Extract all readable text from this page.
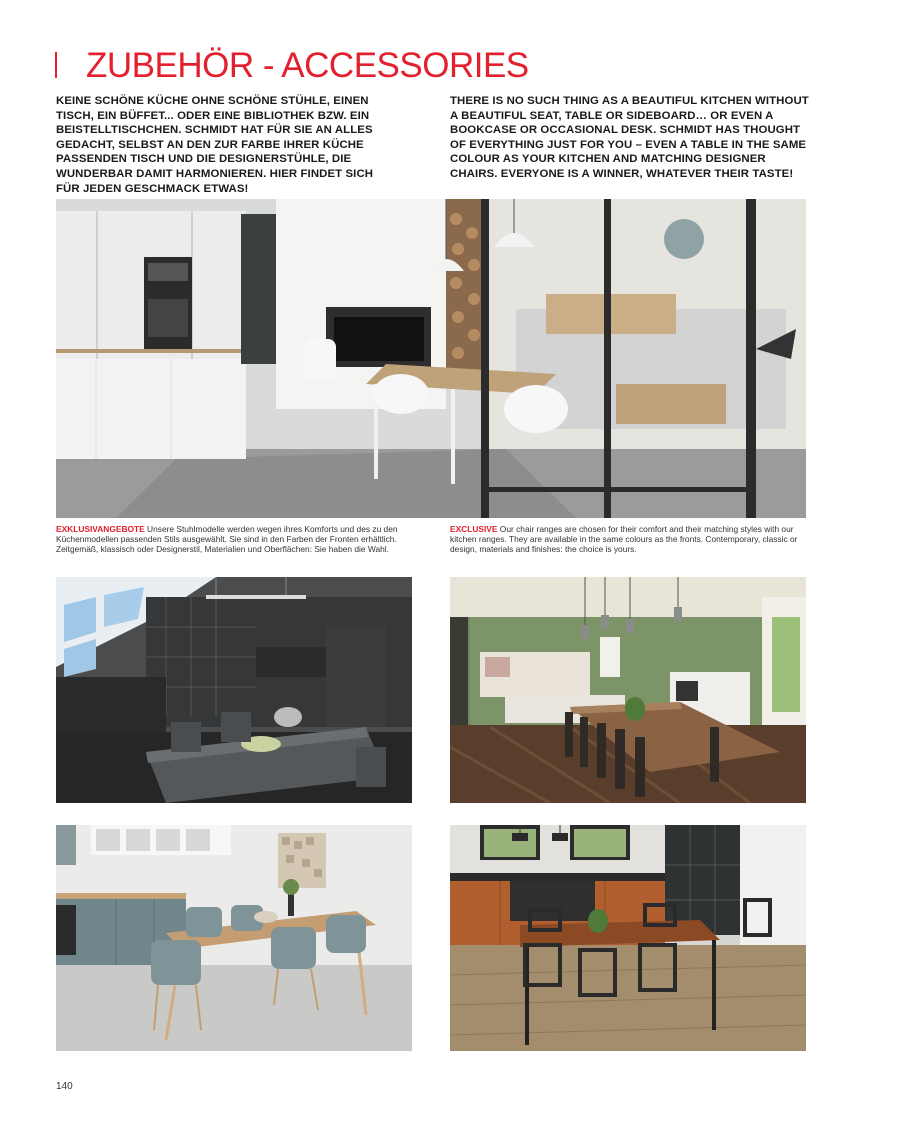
ZUBEHÖR - ACCESSORIES
KEINE SCHÖNE KÜCHE OHNE SCHÖNE STÜHLE, EINEN TISCH, EIN BÜFFET... ODER EINE BIBLIOTHEK BZW. EIN BEISTELLTISCHCHEN. SCHMIDT HAT FÜR SIE AN ALLES GEDACHT, SELBST AN DEN ZUR FARBE IHRER KÜCHE PASSENDEN TISCH UND DIE DESIGNERSTÜHLE, DIE WUNDERBAR DAMIT HARMONIEREN. HIER FINDET SICH FÜR JEDEN GESCHMACK ETWAS!
THERE IS NO SUCH THING AS A BEAUTIFUL KITCHEN WITHOUT A BEAUTIFUL SEAT, TABLE OR SIDEBOARD… OR EVEN A BOOKCASE OR OCCASIONAL DESK. SCHMIDT HAS THOUGHT OF EVERYTHING JUST FOR YOU – EVEN A TABLE IN THE SAME COLOUR AS YOUR KITCHEN AND MATCHING DESIGNER CHAIRS. EVERYONE IS A WINNER, WHATEVER THEIR TASTE!
EXKLUSIVANGEBOTE Unsere Stuhlmodelle werden wegen ihres Komforts und des zu den Küchenmodellen passenden Stils ausgewählt. Sie sind in den Farben der Fronten erhältlich. Zeitgemäß, klassisch oder Designerstil, Materialien und Oberflächen: Sie haben die Wahl.
EXCLUSIVE Our chair ranges are chosen for their comfort and their matching styles with our kitchen ranges. They are available in the same colours as the fronts. Contemporary, classic or design, materials and finishes: the choice is yours.
140
